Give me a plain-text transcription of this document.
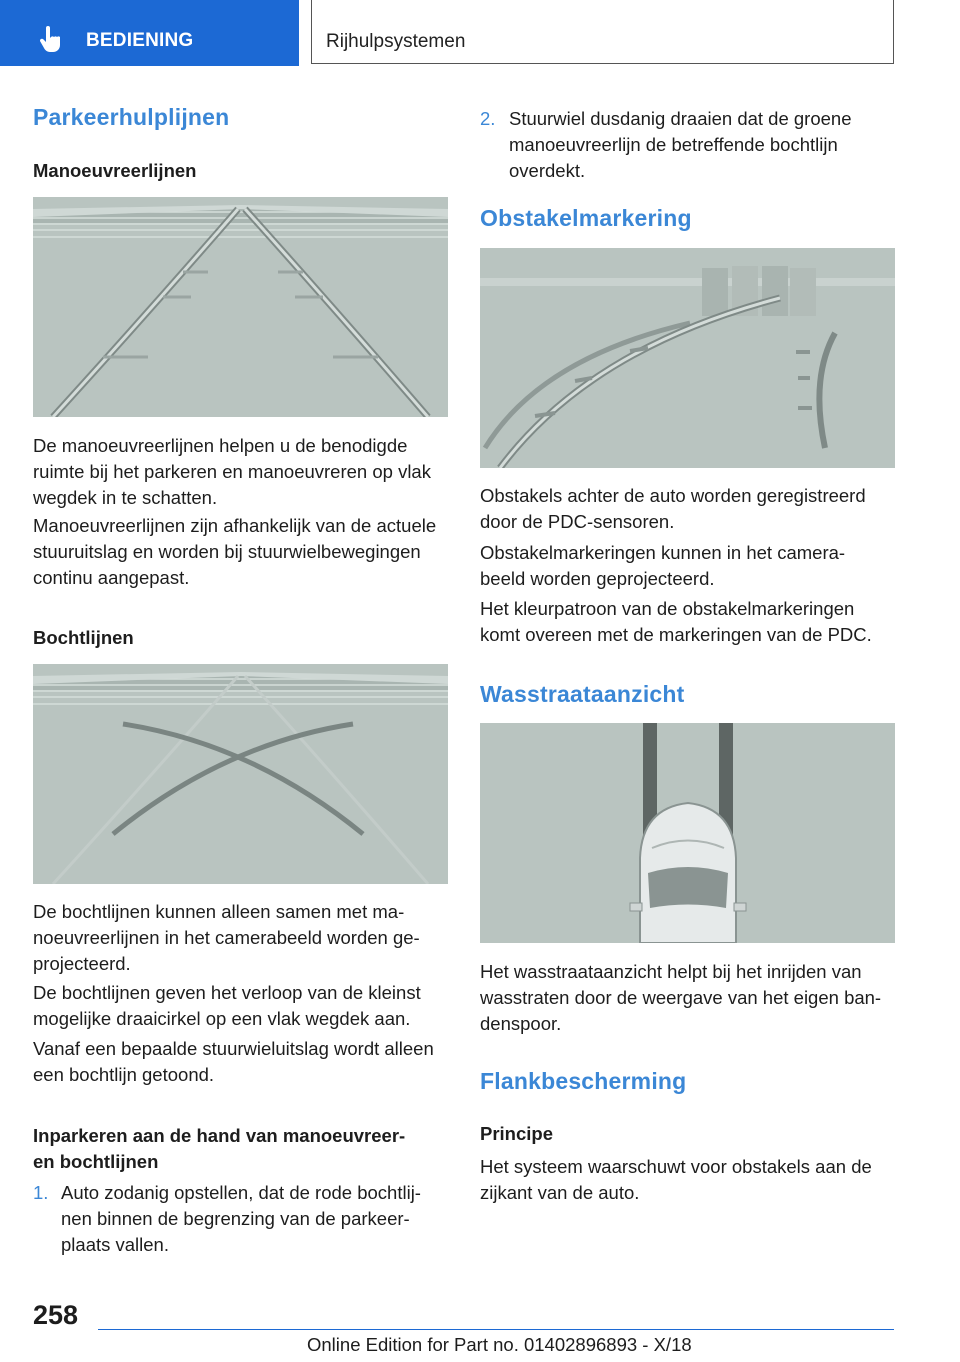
BEDIENING	Rijhulpsystemen
Parkeerhulplijnen
Manoeuvreerlijnen

De manoeuvreerlijnen helpen u de benodigde
ruimte bij het parkeren en manoeuvreren op vlak
wegdek in te schatten.

Manoeuvreerlijnen zijn afhankelijk van de actuele
stuuruitslag en worden bij stuurwielbewegingen
continu aangepast.

Bochtlijnen

De bochtlijnen kunnen alleen samen met ma-
noeuvreerlijnen in het camerabeeld worden ge-
projecteerd.

De bochtlijnen geven het verloop van de kleinst
mogelijke draaicirkel op een vlak wegdek aan.

Vanaf een bepaalde stuurwieluitslag wordt alleen
een bochtlijn getoond.

Inparkeren aan de hand van manoeuvreer-
en bochtlijnen

1. Auto zodanig opstellen, dat de rode bochtlij-
nen binnen de begrenzing van de parkeer-
plaats vallen.

2. Stuurwiel dusdanig draaien dat de groene
manoeuvreerlijn de betreffende bochtlijn
overdekt.

Obstakelmarkering

Obstakels achter de auto worden geregistreerd
door de PDC-sensoren.

Obstakelmarkeringen kunnen in het camera-
beeld worden geprojecteerd.

Het kleurpatroon van de obstakelmarkeringen
komt overeen met de markeringen van de PDC.

Wasstraataanzicht

Het wasstraataanzicht helpt bij het inrijden van
wasstraten door de weergave van het eigen ban-
denspoor.

Flankbescherming
Principe

Het systeem waarschuwt voor obstakels aan de
zijkant van de auto.

258
Online Edition for Part no. 01402896893 - X/18
